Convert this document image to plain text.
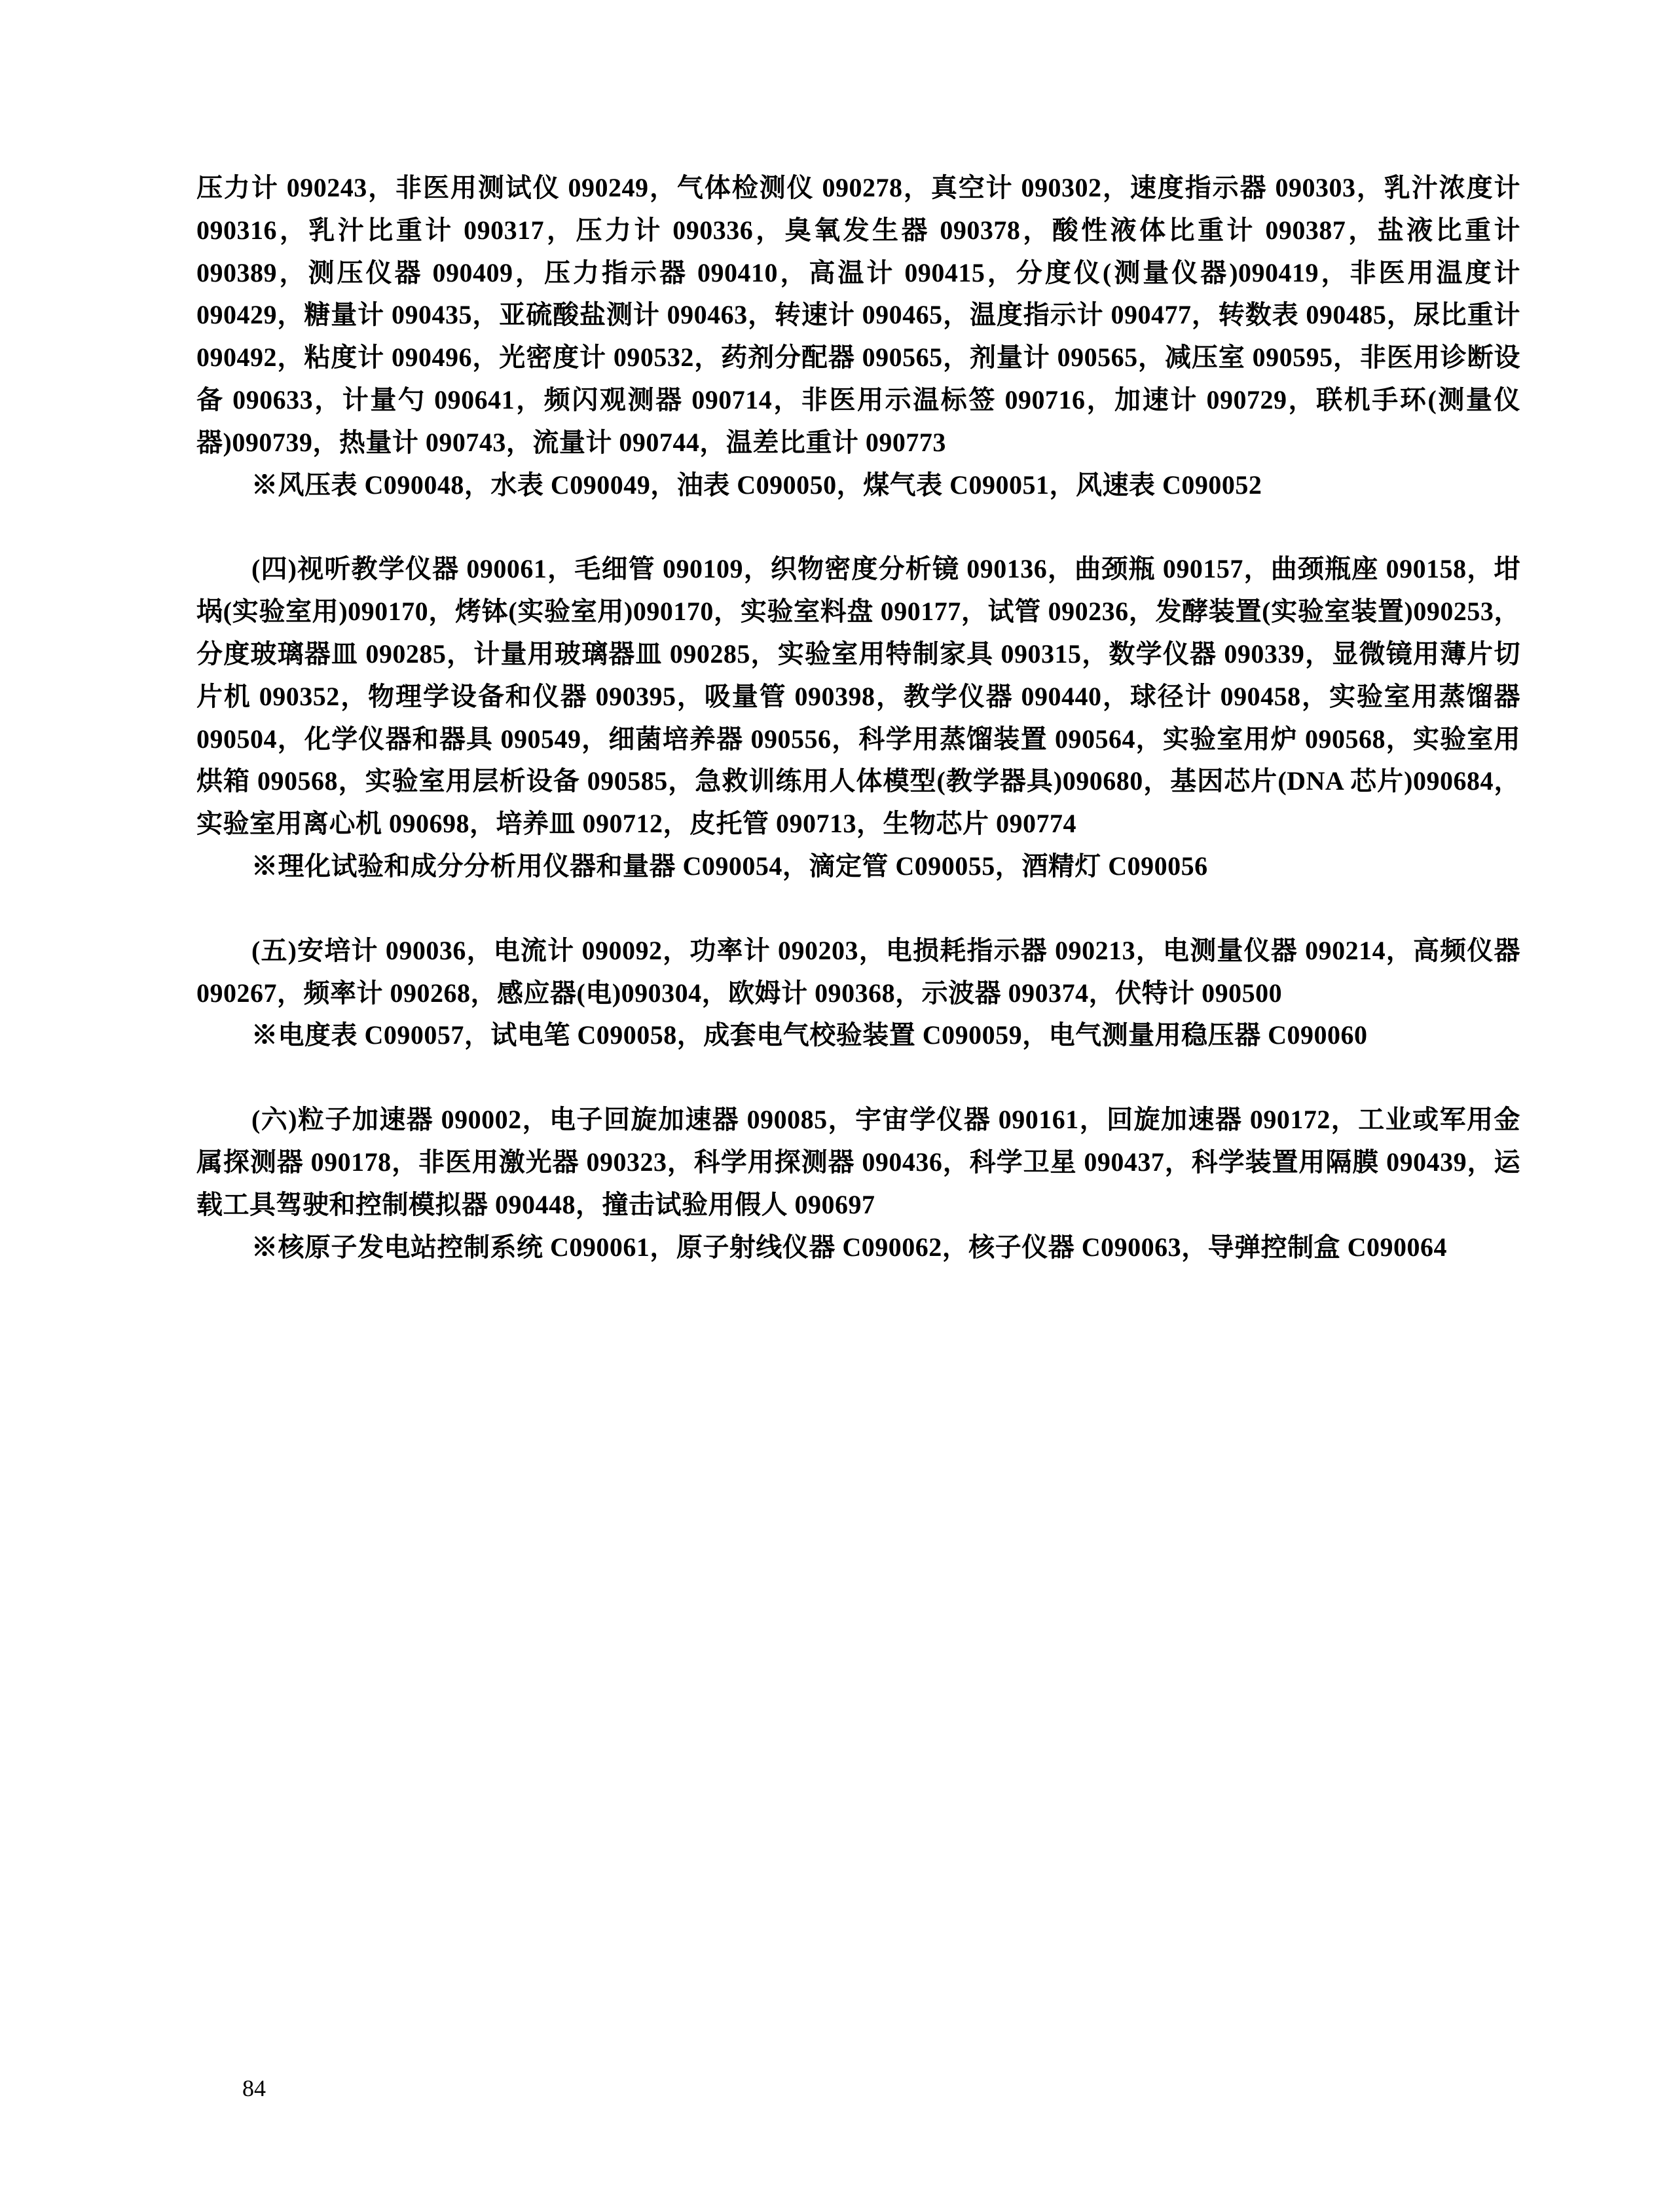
压力计 090243，非医用测试仪 090249，气体检测仪 090278，真空计 090302，速度指示器 090303，乳汁浓度计 090316，乳汁比重计 090317，压力计 090336，臭氧发生器 090378，酸性液体比重计 090387，盐液比重计 090389，测压仪器 090409，压力指示器 090410，高温计 090415，分度仪(测量仪器)090419，非医用温度计 090429，糖量计 090435，亚硫酸盐测计 090463，转速计 090465，温度指示计 090477，转数表 090485，尿比重计 090492，粘度计 090496，光密度计 090532，药剂分配器 090565，剂量计 090565，减压室 090595，非医用诊断设备 090633，计量勺 090641，频闪观测器 090714，非医用示温标签 090716，加速计 090729，联机手环(测量仪器)090739，热量计 090743，流量计 090744，温差比重计 090773

※风压表 C090048，水表 C090049，油表 C090050，煤气表 C090051，风速表 C090052

(四)视听教学仪器 090061，毛细管 090109，织物密度分析镜 090136，曲颈瓶 090157，曲颈瓶座 090158，坩埚(实验室用)090170，烤钵(实验室用)090170，实验室料盘 090177，试管 090236，发酵装置(实验室装置)090253，分度玻璃器皿 090285，计量用玻璃器皿 090285，实验室用特制家具 090315，数学仪器 090339，显微镜用薄片切片机 090352，物理学设备和仪器 090395，吸量管 090398，教学仪器 090440，球径计 090458，实验室用蒸馏器 090504，化学仪器和器具 090549，细菌培养器 090556，科学用蒸馏装置 090564，实验室用炉 090568，实验室用烘箱 090568，实验室用层析设备 090585，急救训练用人体模型(教学器具)090680，基因芯片(DNA 芯片)090684，实验室用离心机 090698，培养皿 090712，皮托管 090713，生物芯片 090774

※理化试验和成分分析用仪器和量器 C090054，滴定管 C090055，酒精灯 C090056

(五)安培计 090036，电流计 090092，功率计 090203，电损耗指示器 090213，电测量仪器 090214，高频仪器 090267，频率计 090268，感应器(电)090304，欧姆计 090368，示波器 090374，伏特计 090500

※电度表 C090057，试电笔 C090058，成套电气校验装置 C090059，电气测量用稳压器 C090060

(六)粒子加速器 090002，电子回旋加速器 090085，宇宙学仪器 090161，回旋加速器 090172，工业或军用金属探测器 090178，非医用激光器 090323，科学用探测器 090436，科学卫星 090437，科学装置用隔膜 090439，运载工具驾驶和控制模拟器 090448，撞击试验用假人 090697

※核原子发电站控制系统 C090061，原子射线仪器 C090062，核子仪器 C090063，导弹控制盒 C090064

84
